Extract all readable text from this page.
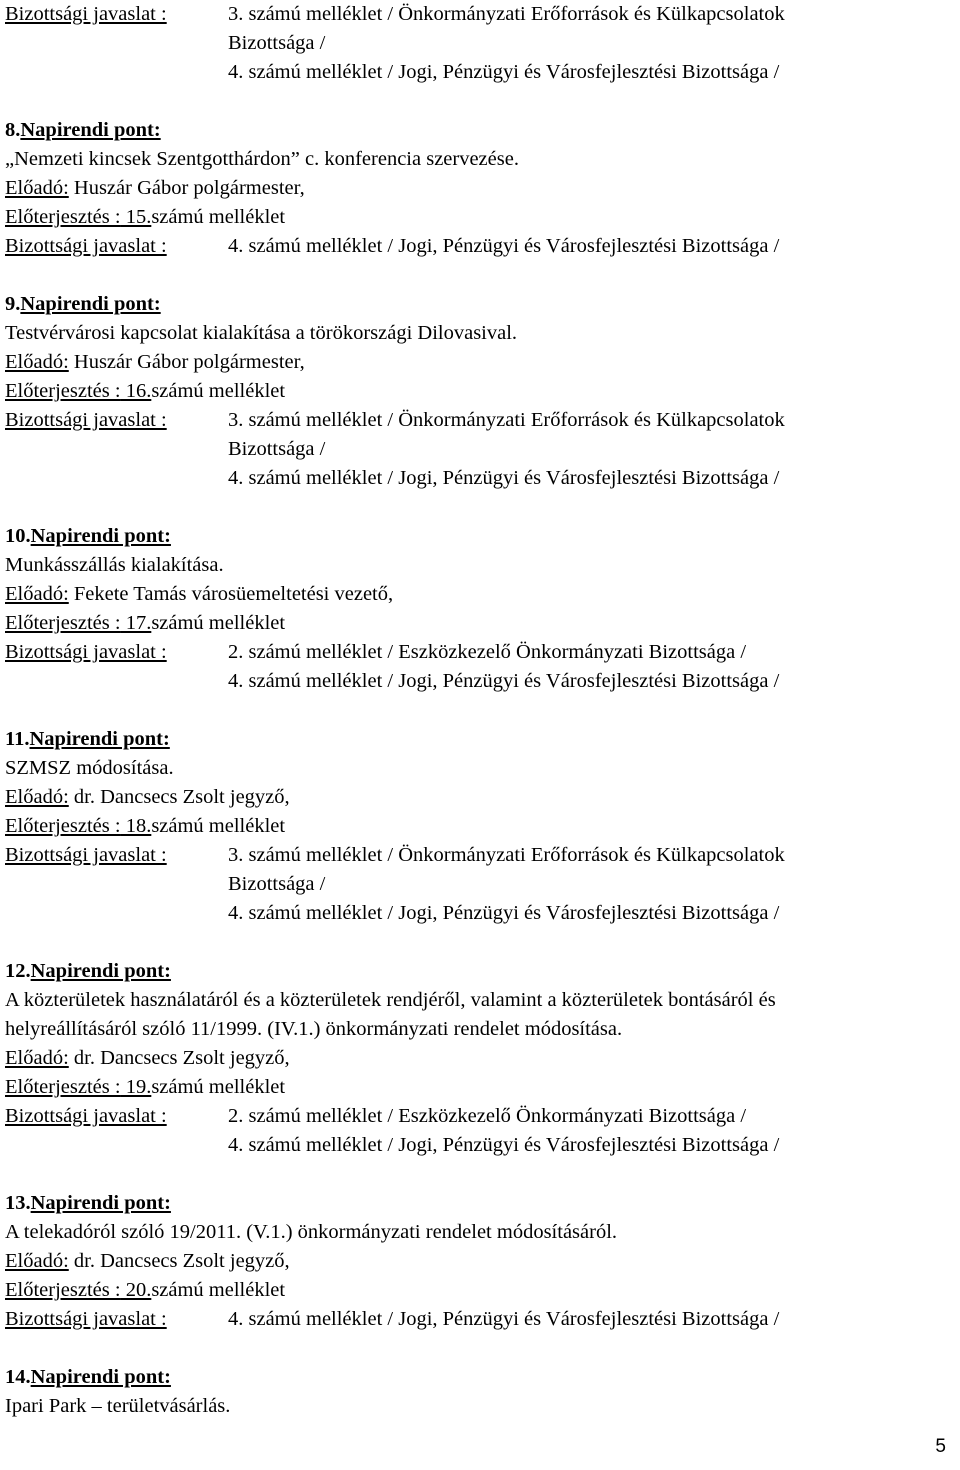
Bizottsági javaslat :	3. számú melléklet / Önkormányzati Erőforrások és Külkapcsolatok
Bizottsága /
4. számú melléklet / Jogi, Pénzügyi és Városfejlesztési Bizottsága /
8.Napirendi pont:
„Nemzeti kincsek Szentgotthárdon” c. konferencia szervezése.
Előadó: Huszár Gábor polgármester,
Előterjesztés : 15.számú melléklet
Bizottsági javaslat :	4. számú melléklet / Jogi, Pénzügyi és Városfejlesztési Bizottsága /
9.Napirendi pont:
Testvérvárosi kapcsolat kialakítása a törökországi Dilovasival.
Előadó: Huszár Gábor polgármester,
Előterjesztés : 16.számú melléklet
Bizottsági javaslat :	3. számú melléklet / Önkormányzati Erőforrások és Külkapcsolatok
Bizottsága /
4. számú melléklet / Jogi, Pénzügyi és Városfejlesztési Bizottsága /
10.Napirendi pont:
Munkásszállás kialakítása.
Előadó: Fekete Tamás városüemeltetési vezető,
Előterjesztés : 17.számú melléklet
Bizottsági javaslat :	2. számú melléklet / Eszközkezelő Önkormányzati Bizottsága /
4. számú melléklet / Jogi, Pénzügyi és Városfejlesztési Bizottsága /
11.Napirendi pont:
SZMSZ módosítása.
Előadó: dr. Dancsecs Zsolt jegyző,
Előterjesztés : 18.számú melléklet
Bizottsági javaslat :	3. számú melléklet / Önkormányzati Erőforrások és Külkapcsolatok
Bizottsága /
4. számú melléklet / Jogi, Pénzügyi és Városfejlesztési Bizottsága /
12.Napirendi pont:
A közterületek használatáról és a közterületek rendjéről, valamint a közterületek bontásáról és
helyreállításáról szóló 11/1999. (IV.1.) önkormányzati rendelet módosítása.
Előadó: dr. Dancsecs Zsolt jegyző,
Előterjesztés : 19.számú melléklet
Bizottsági javaslat :	2. számú melléklet / Eszközkezelő Önkormányzati Bizottsága /
4. számú melléklet / Jogi, Pénzügyi és Városfejlesztési Bizottsága /
13.Napirendi pont:
A telekadóról szóló 19/2011. (V.1.) önkormányzati rendelet módosításáról.
Előadó: dr. Dancsecs Zsolt jegyző,
Előterjesztés : 20.számú melléklet
Bizottsági javaslat :	4. számú melléklet / Jogi, Pénzügyi és Városfejlesztési Bizottsága /
14.Napirendi pont:
Ipari Park – területvásárlás.
5
